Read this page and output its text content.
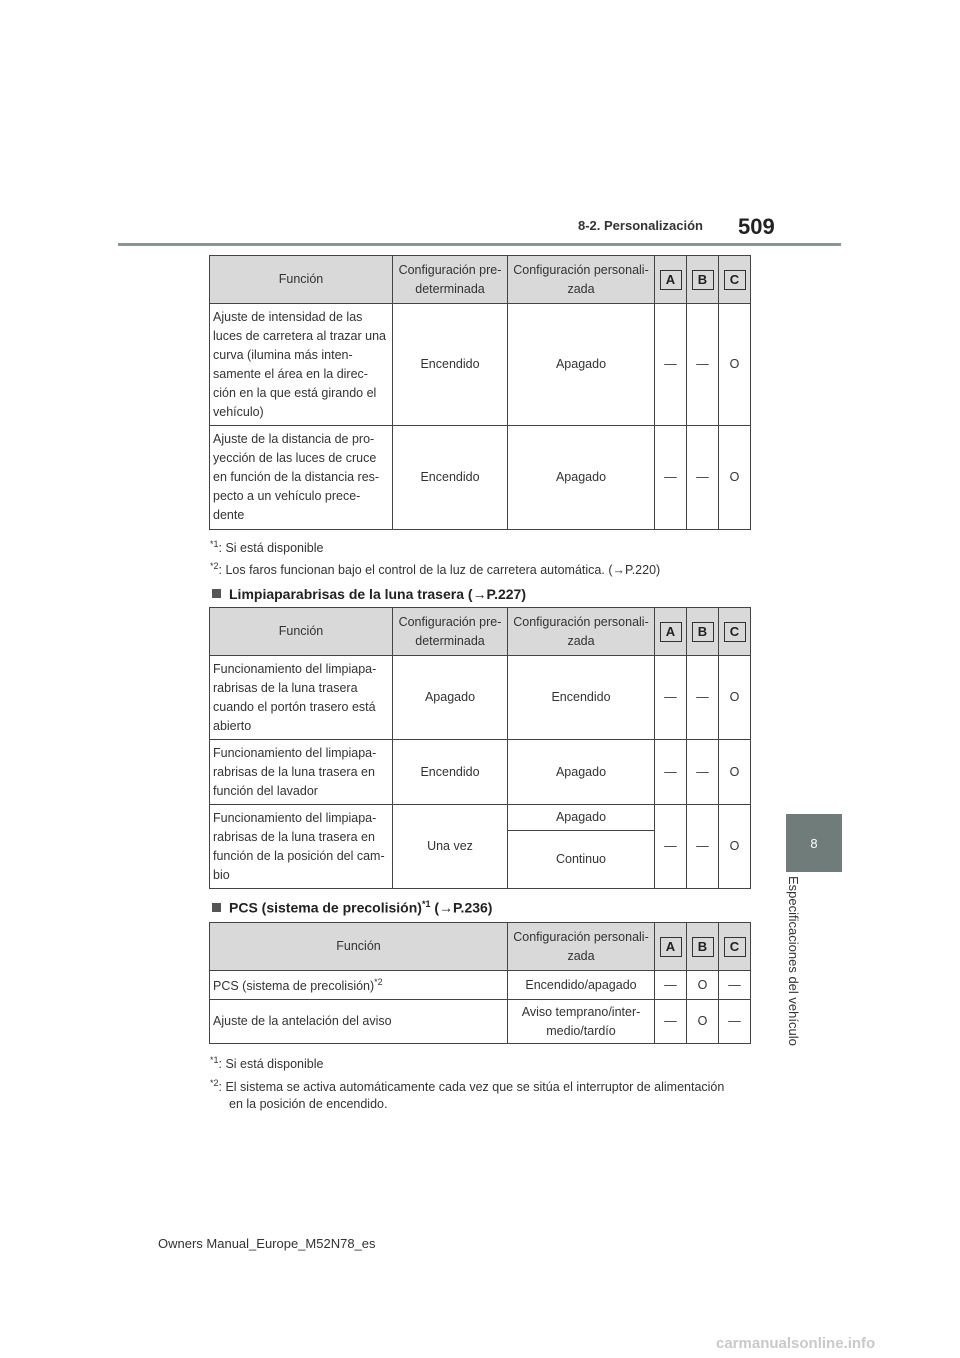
8-2. Personalización 509
8
Especificaciones del vehículo
Función	Configuración pre-determinada	Configuración personali-zada	A	B	C
Ajuste de intensidad de las luces de carretera al trazar una curva (ilumina más inten-samente el área en la direc-ción en la que está girando el vehículo)	Encendido	Apagado	—	—	O
Ajuste de la distancia de pro-yección de las luces de cruce en función de la distancia res-pecto a un vehículo prece-dente	Encendido	Apagado	—	—	O
$^{*1}$: Si está disponible
$^{*2}$: Los faros funcionan bajo el control de la luz de carretera automática. (→P.220)
Limpiaparabrisas de la luna trasera (→P.227)
Función	Configuración pre-determinada	Configuración personali-zada	A	B	C
Funcionamiento del limpiapa-rabrisas de la luna trasera cuando el portón trasero está abierto	Apagado	Encendido	—	—	O
Funcionamiento del limpiapa-rabrisas de la luna trasera en función del lavador	Encendido	Apagado	—	—	O
Funcionamiento del limpiapa-rabrisas de la luna trasera en función de la posición del cam-bio	Una vez	Apagado	—	—	O
		Continuo			
PCS (sistema de precolisión)$^{*1}$ (→P.236)
Función	Configuración personali-zada	A	B	C
PCS (sistema de precolisión)$^{*2}$	Encendido/apagado	—	O	—
Ajuste de la antelación del aviso	Aviso temprano/inter-medio/tardío	—	O	—
$^{*1}$: Si está disponible
$^{*2}$: El sistema se activa automáticamente cada vez que se sitúa el interruptor de alimentación
en la posición de encendido.
Owners Manual_Europe_M52N78_es
carmanualsonline.info
